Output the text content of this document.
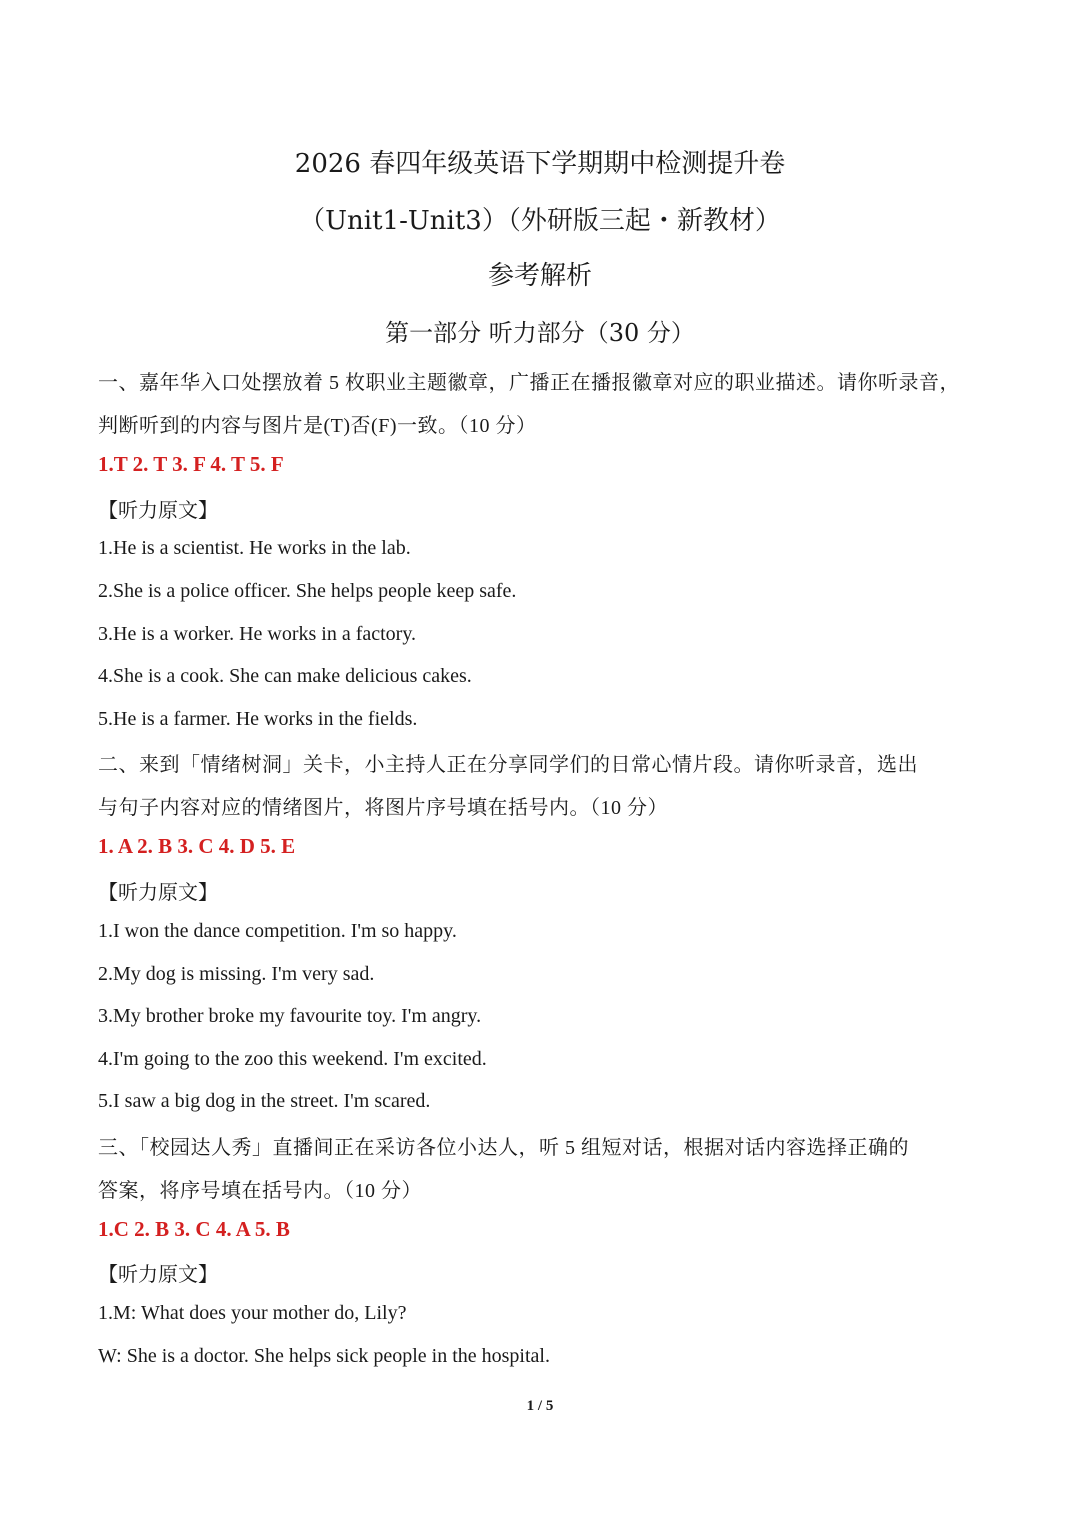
2026 春四年级英语下学期期中检测提升卷
（Unit1-Unit3）（外研版三起・新教材）
参考解析
第一部分 听力部分（30 分）
一、嘉年华入口处摆放着 5 枚职业主题徽章，广播正在播报徽章对应的职业描述。请你听录音，
判断听到的内容与图片是(T)否(F)一致。（10 分）
1.T 2. T 3. F 4. T 5. F
【听力原文】
1.He is a scientist. He works in the lab.
2.She is a police officer. She helps people keep safe.
3.He is a worker. He works in a factory.
4.She is a cook. She can make delicious cakes.
5.He is a farmer. He works in the fields.
二、来到「情绪树洞」关卡，小主持人正在分享同学们的日常心情片段。请你听录音，选出
与句子内容对应的情绪图片，将图片序号填在括号内。（10 分）
1. A 2. B 3. C 4. D 5. E
【听力原文】
1.I won the dance competition. I'm so happy.
2.My dog is missing. I'm very sad.
3.My brother broke my favourite toy. I'm angry.
4.I'm going to the zoo this weekend. I'm excited.
5.I saw a big dog in the street. I'm scared.
三、「校园达人秀」直播间正在采访各位小达人，听 5 组短对话，根据对话内容选择正确的
答案，将序号填在括号内。（10 分）
1.C 2. B 3. C 4. A 5. B
【听力原文】
1.M: What does your mother do, Lily?
W: She is a doctor. She helps sick people in the hospital.
1 / 5
